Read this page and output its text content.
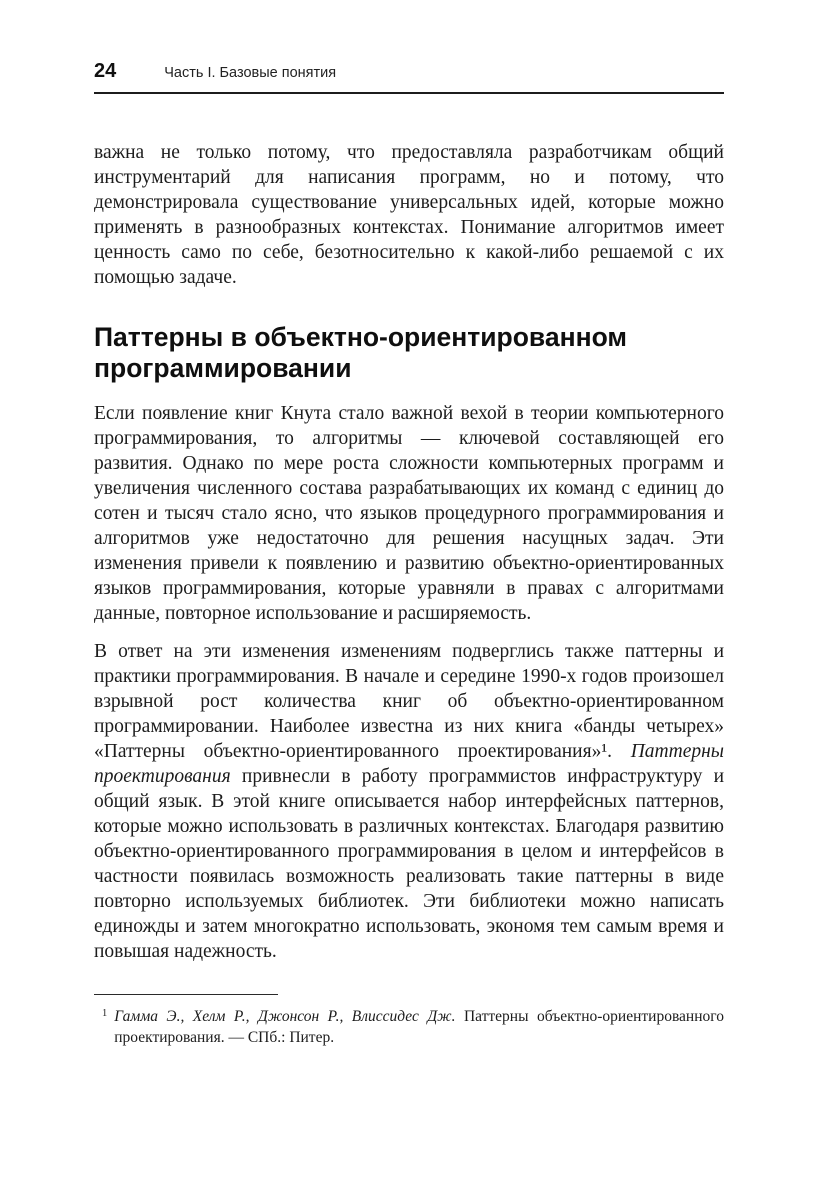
24	Часть I. Базовые понятия

важна не только потому, что предоставляла разработчикам общий инструментарий для написания программ, но и потому, что демонстрировала существование универсальных идей, которые можно применять в разнообразных контекстах. Понимание алгоритмов имеет ценность само по себе, безотносительно к какой-либо решаемой с их помощью задаче.

Паттерны в объектно-ориентированном программировании

Если появление книг Кнута стало важной вехой в теории компьютерного программирования, то алгоритмы — ключевой составляющей его развития. Однако по мере роста сложности компьютерных программ и увеличения численного состава разрабатывающих их команд с единиц до сотен и тысяч стало ясно, что языков процедурного программирования и алгоритмов уже недостаточно для решения насущных задач. Эти изменения привели к появлению и развитию объектно-ориентированных языков программирования, которые уравняли в правах с алгоритмами данные, повторное использование и расширяемость.

В ответ на эти изменения изменениям подверглись также паттерны и практики программирования. В начале и середине 1990-х годов произошел взрывной рост количества книг об объектно-ориентированном программировании. Наиболее известна из них книга «банды четырех» «Паттерны объектно-ориентированного проектирования»¹. Паттерны проектирования привнесли в работу программистов инфраструктуру и общий язык. В этой книге описывается набор интерфейсных паттернов, которые можно использовать в различных контекстах. Благодаря развитию объектно-ориентированного программирования в целом и интерфейсов в частности появилась возможность реализовать такие паттерны в виде повторно используемых библиотек. Эти библиотеки можно написать единожды и затем многократно использовать, экономя тем самым время и повышая надежность.

1 Гамма Э., Хелм Р., Джонсон Р., Влиссидес Дж. Паттерны объектно-ориентированного проектирования. — СПб.: Питер.
